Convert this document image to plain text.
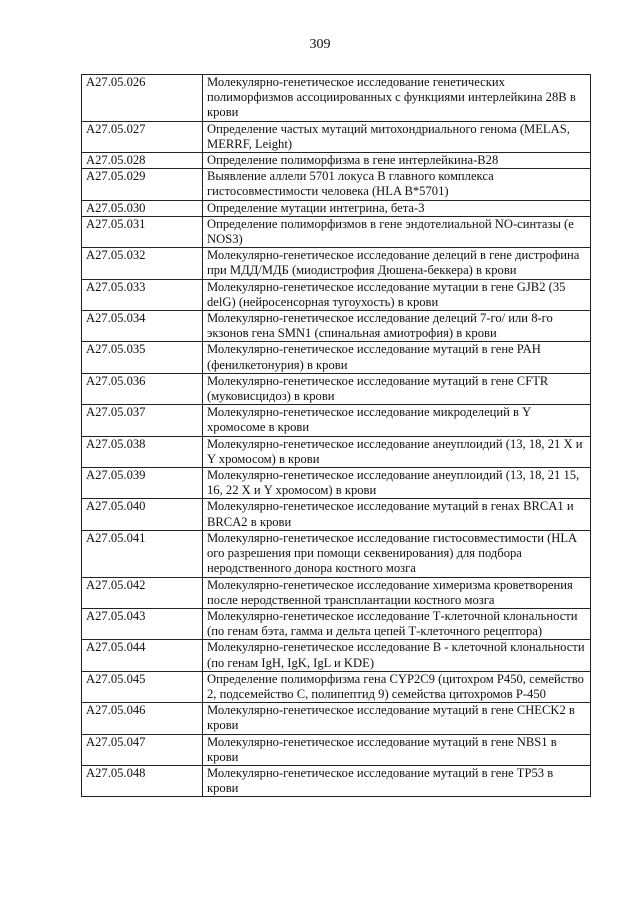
309
A27.05.026	Молекулярно-генетическое исследование генетических полиморфизмов ассоциированных с функциями интерлейкина 28В в крови
A27.05.027	Определение частых мутаций митохондриального генома (MELAS, MERRF, Leight)
A27.05.028	Определение полиморфизма в гене интерлейкина-В28
A27.05.029	Выявление аллели 5701 локуса В главного комплекса гистосовместимости человека (HLA B*5701)
A27.05.030	Определение мутации интегрина, бета-3
A27.05.031	Определение полиморфизмов в гене эндотелиальной NO-синтазы (e NOS3)
A27.05.032	Молекулярно-генетическое исследование делеций в гене дистрофина при МДД/МДБ (миодистрофия Дюшена-беккера) в крови
A27.05.033	Молекулярно-генетическое исследование мутации в гене GJB2 (35 delG) (нейросенсорная тугоухость) в крови
A27.05.034	Молекулярно-генетическое исследование делеций 7-го/ или 8-го экзонов гена SMN1 (спинальная амиотрофия) в крови
A27.05.035	Молекулярно-генетическое исследование мутаций в гене PAH (фенилкетонурия) в крови
A27.05.036	Молекулярно-генетическое исследование мутаций в гене CFTR (муковисцидоз) в крови
A27.05.037	Молекулярно-генетическое исследование микроделеций в Y хромосоме в крови
A27.05.038	Молекулярно-генетическое исследование анеуплоидий (13, 18, 21 X и Y хромосом) в крови
A27.05.039	Молекулярно-генетическое исследование анеуплоидий (13, 18, 21 15, 16, 22 X и Y хромосом) в крови
A27.05.040	Молекулярно-генетическое исследование мутаций в генах BRCA1 и BRCA2 в крови
A27.05.041	Молекулярно-генетическое исследование гистосовместимости (HLA ого разрешения при помощи секвенирования) для подбора неродственного донора костного мозга
A27.05.042	Молекулярно-генетическое исследование химеризма кроветворения после неродственной трансплантации костного мозга
A27.05.043	Молекулярно-генетическое исследование Т-клеточной клональности (по генам бэта, гамма и дельта цепей Т-клеточного рецептора)
A27.05.044	Молекулярно-генетическое исследование В - клеточной клональности (по генам IgH, IgK, IgL и KDE)
A27.05.045	Определение полиморфизма гена CYP2C9 (цитохром P450, семейство 2, подсемейство С, полипептид 9) семейства цитохромов Р-450
A27.05.046	Молекулярно-генетическое исследование мутаций в гене CHECK2 в крови
A27.05.047	Молекулярно-генетическое исследование мутаций в гене NBS1 в крови
A27.05.048	Молекулярно-генетическое исследование мутаций в гене TP53 в крови
